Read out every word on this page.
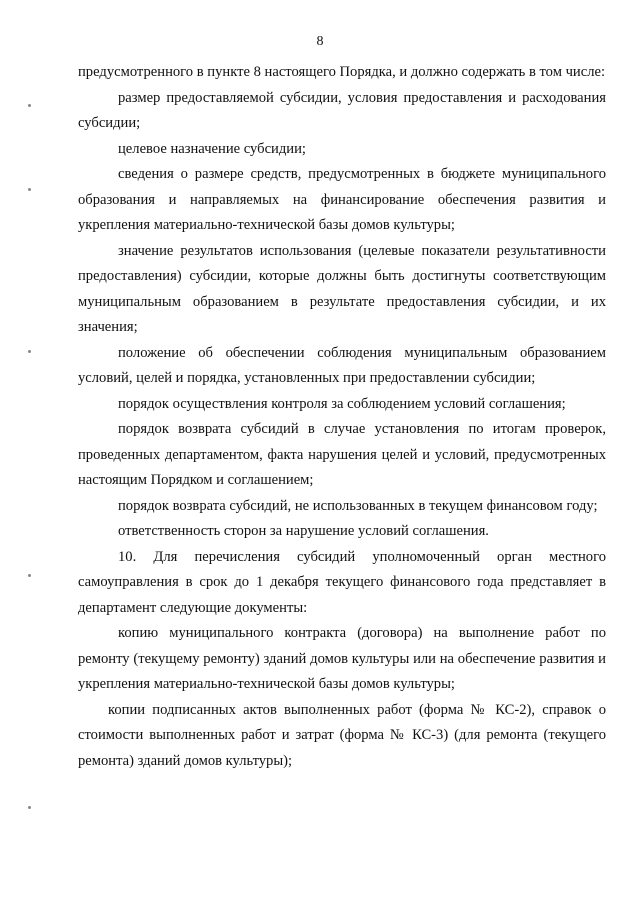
8

предусмотренного в пункте 8 настоящего Порядка, и должно содержать в том числе:

размер предоставляемой субсидии, условия предоставления и расходования субсидии;

целевое назначение субсидии;

сведения о размере средств, предусмотренных в бюджете муниципального образования и направляемых на финансирование обеспечения развития и укрепления материально-технической базы домов культуры;

значение результатов использования (целевые показатели результативности предоставления) субсидии, которые должны быть достигнуты соответствующим муниципальным образованием в результате предоставления субсидии, и их значения;

положение об обеспечении соблюдения муниципальным образованием условий, целей и порядка, установленных при предоставлении субсидии;

порядок осуществления контроля за соблюдением условий соглашения;

порядок возврата субсидий в случае установления по итогам проверок, проведенных департаментом, факта нарушения целей и условий, предусмотренных настоящим Порядком и соглашением;

порядок возврата субсидий, не использованных в текущем финансовом году;

ответственность сторон за нарушение условий соглашения.

10. Для перечисления субсидий уполномоченный орган местного самоуправления в срок до 1 декабря текущего финансового года представляет в департамент следующие документы:

копию муниципального контракта (договора) на выполнение работ по ремонту (текущему ремонту) зданий домов культуры или на обеспечение развития и укрепления материально-технической базы домов культуры;

копии подписанных актов выполненных работ (форма № КС-2), справок о стоимости выполненных работ и затрат (форма № КС-3) (для ремонта (текущего ремонта) зданий домов культуры);
